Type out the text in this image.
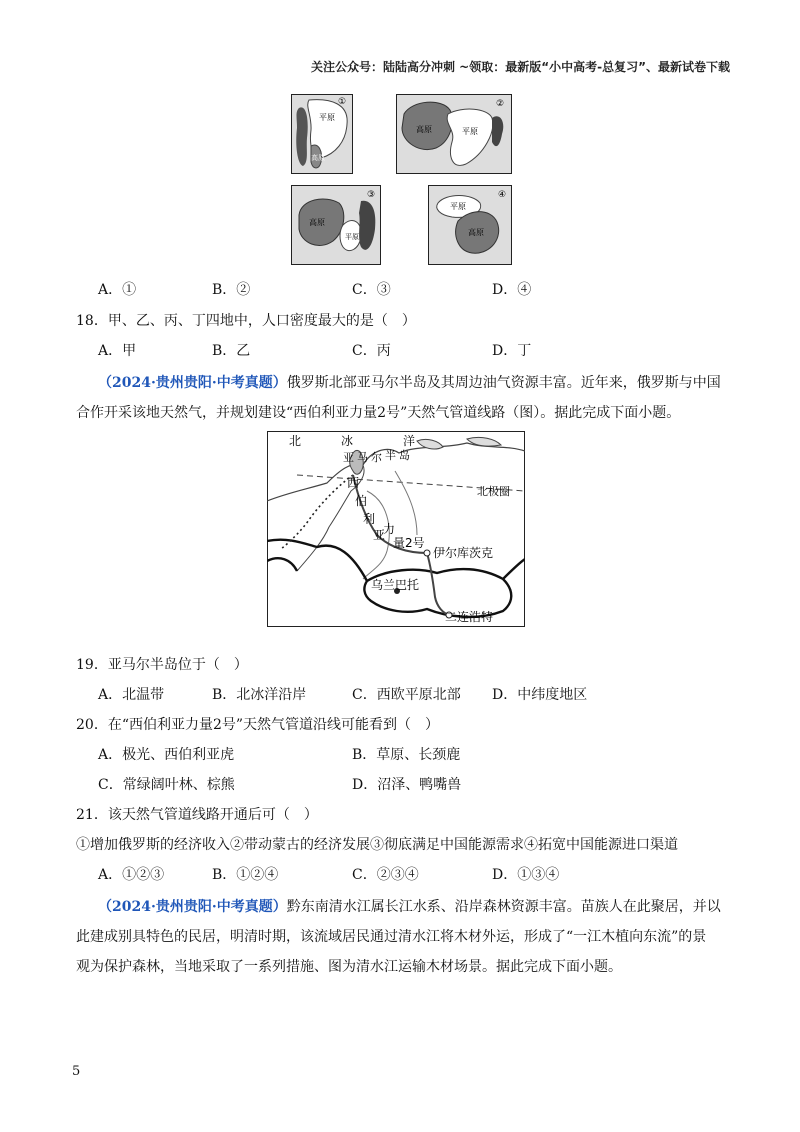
关注公众号：陆陆高分冲刺 ~领取：最新版“小中高考-总复习”、最新试卷下载
平原
高原
①
高原	平原
②
高原
平原
③
平原
高原
④
A．①	B．②	C．③	D．④
18．甲、乙、丙、丁四地中，人口密度最大的是（　）
A．甲	B．乙	C．丙	D．丁
（2024·贵州贵阳·中考真题）俄罗斯北部亚马尔半岛及其周边油气资源丰富。近年来，俄罗斯与中国
合作开采该地天然气，并规划建设“西伯利亚力量2号”天然气管道线路（图）。据此完成下面小题。
北	冰	洋
亚 马 尔 半 岛
西
伯
利
亚
力
量2号
北极圈
伊尔库茨克
乌兰巴托
二连浩特
19．亚马尔半岛位于（　）
A．北温带	B．北冰洋沿岸	C．西欧平原北部 D．中纬度地区
20．在“西伯利亚力量2号”天然气管道沿线可能看到（　）
A．极光、西伯利亚虎	B．草原、长颈鹿
C．常绿阔叶林、棕熊	D．沼泽、鸭嘴兽
21．该天然气管道线路开通后可（　）
①增加俄罗斯的经济收入②带动蒙古的经济发展③彻底满足中国能源需求④拓宽中国能源进口渠道
A．①②③	B．①②④	C．②③④	D．①③④
（2024·贵州贵阳·中考真题）黔东南清水江属长江水系、沿岸森林资源丰富。苗族人在此聚居，并以
此建成别具特色的民居，明清时期，该流域居民通过清水江将木材外运，形成了“一江木植向东流”的景
观为保护森林，当地采取了一系列措施、图为清水江运输木材场景。据此完成下面小题。
5
